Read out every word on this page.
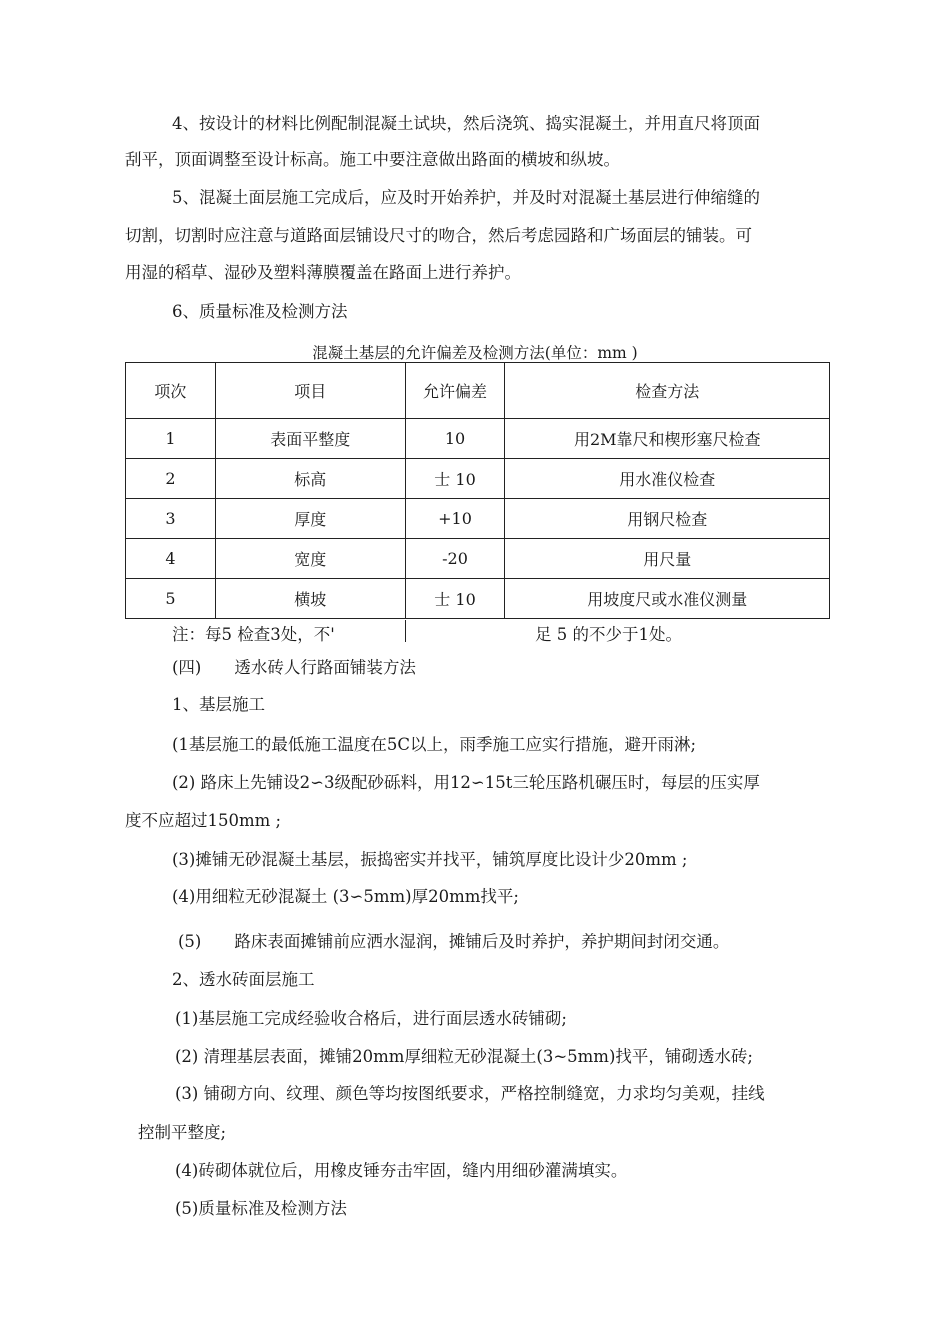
4、按设计的材料比例配制混凝土试块，然后浇筑、捣实混凝土，并用直尺将顶面
刮平，顶面调整至设计标高。施工中要注意做出路面的横坡和纵坡。
5、混凝土面层施工完成后，应及时开始养护，并及时对混凝土基层进行伸缩缝的
切割，切割时应注意与道路面层铺设尺寸的吻合，然后考虑园路和广场面层的铺装。可
用湿的稻草、湿砂及塑料薄膜覆盖在路面上进行养护。
6、质量标准及检测方法
混凝土基层的允许偏差及检测方法(单位：mm )
项次	项目	允许偏差	检查方法
1	表面平整度	10	用2M靠尺和楔形塞尺检查
2	标高	士 10	用水准仪检查
3	厚度	+10	用钢尺检查
4	宽度	-20	用尺量
5	横坡	士 10	用坡度尺或水准仪测量
注：每5 检查3处，不'	足 5 的不少于1处。
(四)　　透水砖人行路面铺装方法
1、基层施工
(1基层施工的最低施工温度在5C以上，雨季施工应实行措施，避开雨淋;
(2) 路床上先铺设2∽3级配砂砾料，用12∽15t三轮压路机碾压时，每层的压实厚
度不应超过150mm ;
(3)摊铺无砂混凝土基层，振捣密实并找平，铺筑厚度比设计少20mm ;
(4)用细粒无砂混凝土 (3∽5mm)厚20mm找平;
(5)　　路床表面摊铺前应洒水湿润，摊铺后及时养护，养护期间封闭交通。
2、透水砖面层施工
(1)基层施工完成经验收合格后，进行面层透水砖铺砌;
(2) 清理基层表面，摊铺20mm厚细粒无砂混凝土(3~5mm)找平，铺砌透水砖;
(3) 铺砌方向、纹理、颜色等均按图纸要求，严格控制缝宽，力求均匀美观，挂线
控制平整度;
(4)砖砌体就位后，用橡皮锤夯击牢固，缝内用细砂灌满填实。
(5)质量标准及检测方法
